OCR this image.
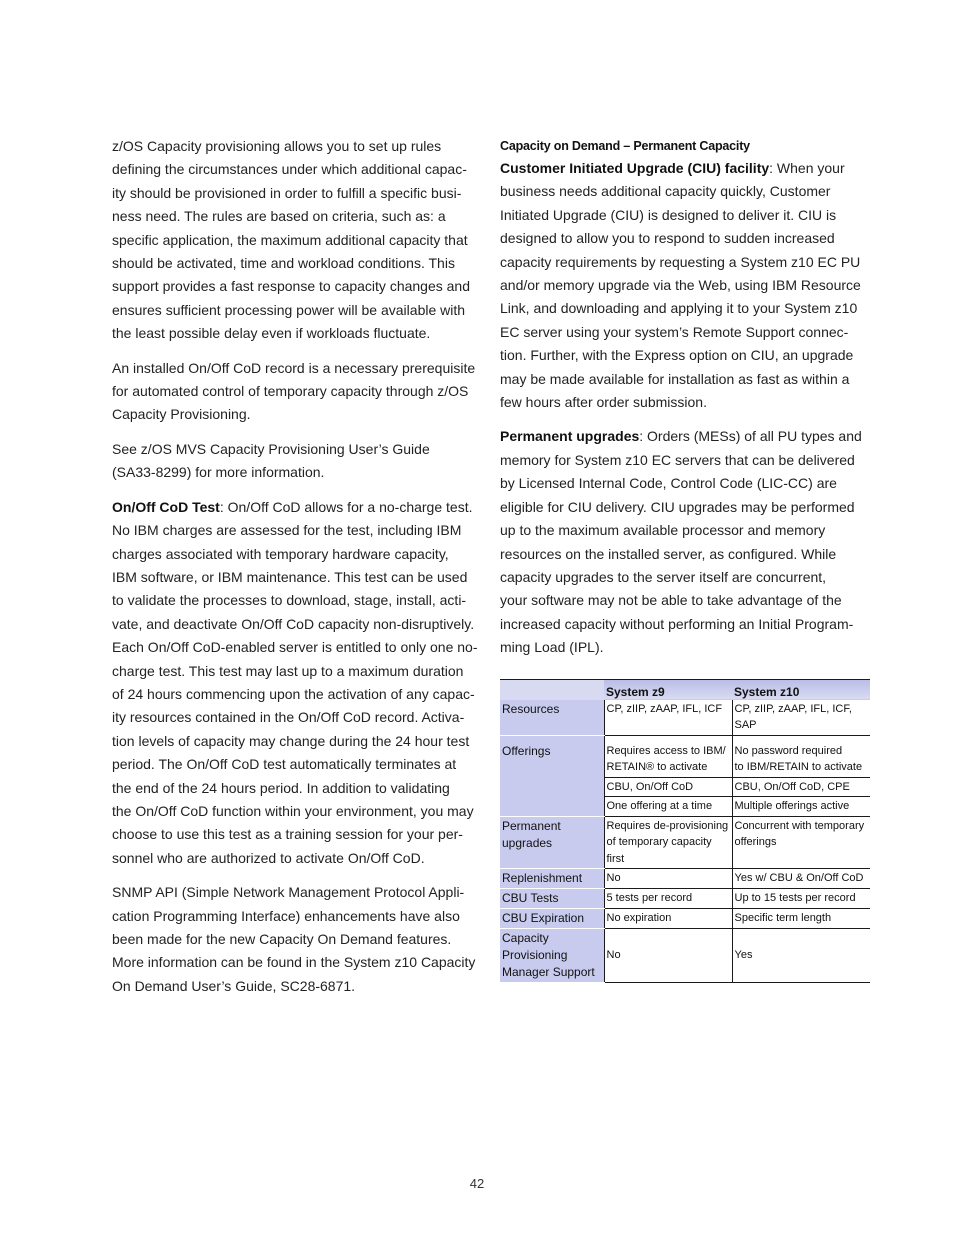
z/OS Capacity provisioning allows you to set up rules
defining the circumstances under which additional capac-
ity should be provisioned in order to fulfill a specific busi-
ness need. The rules are based on criteria, such as: a
specific application, the maximum additional capacity that
should be activated, time and workload conditions. This
support provides a fast response to capacity changes and
ensures sufficient processing power will be available with
the least possible delay even if workloads fluctuate.

An installed On/Off CoD record is a necessary prerequisite
for automated control of temporary capacity through z/OS
Capacity Provisioning.

See z/OS MVS Capacity Provisioning User’s Guide
(SA33-8299) for more information.

On/Off CoD Test: On/Off CoD allows for a no-charge test.
No IBM charges are assessed for the test, including IBM
charges associated with temporary hardware capacity,
IBM software, or IBM maintenance. This test can be used
to validate the processes to download, stage, install, acti-
vate, and deactivate On/Off CoD capacity non-disruptively.
Each On/Off CoD-enabled server is entitled to only one no-
charge test. This test may last up to a maximum duration
of 24 hours commencing upon the activation of any capac-
ity resources contained in the On/Off CoD record. Activa-
tion levels of capacity may change during the 24 hour test
period. The On/Off CoD test automatically terminates at
the end of the 24 hours period. In addition to validating
the On/Off CoD function within your environment, you may
choose to use this test as a training session for your per-
sonnel who are authorized to activate On/Off CoD.

SNMP API (Simple Network Management Protocol Appli-
cation Programming Interface) enhancements have also
been made for the new Capacity On Demand features.
More information can be found in the System z10 Capacity
On Demand User’s Guide, SC28-6871.

Capacity on Demand – Permanent Capacity

Customer Initiated Upgrade (CIU) facility: When your
business needs additional capacity quickly, Customer
Initiated Upgrade (CIU) is designed to deliver it. CIU is
designed to allow you to respond to sudden increased
capacity requirements by requesting a System z10 EC PU
and/or memory upgrade via the Web, using IBM Resource
Link, and downloading and applying it to your System z10
EC server using your system’s Remote Support connec-
tion. Further, with the Express option on CIU, an upgrade
may be made available for installation as fast as within a
few hours after order submission.

Permanent upgrades: Orders (MESs) of all PU types and
memory for System z10 EC servers that can be delivered
by Licensed Internal Code, Control Code (LIC-CC) are
eligible for CIU delivery. CIU upgrades may be performed
up to the maximum available processor and memory
resources on the installed server, as configured. While
capacity upgrades to the server itself are concurrent,
your software may not be able to take advantage of the
increased capacity without performing an Initial Program-
ming Load (IPL).

	System z9	System z10
Resources	CP, zIIP, zAAP, IFL, ICF	CP, zIIP, zAAP, IFL, ICF, SAP
Offerings	Requires access to IBM/
RETAIN® to activate	No password required
to IBM/RETAIN to activate
	CBU, On/Off CoD	CBU, On/Off CoD, CPE
	One offering at a time	Multiple offerings active
Permanent
upgrades	Requires de-provisioning
of temporary capacity first	Concurrent with temporary
offerings
Replenishment	No	Yes w/ CBU & On/Off CoD
CBU Tests	5 tests per record	Up to 15 tests per record
CBU Expiration	No expiration	Specific term length
Capacity
Provisioning
Manager Support	No	Yes
42
